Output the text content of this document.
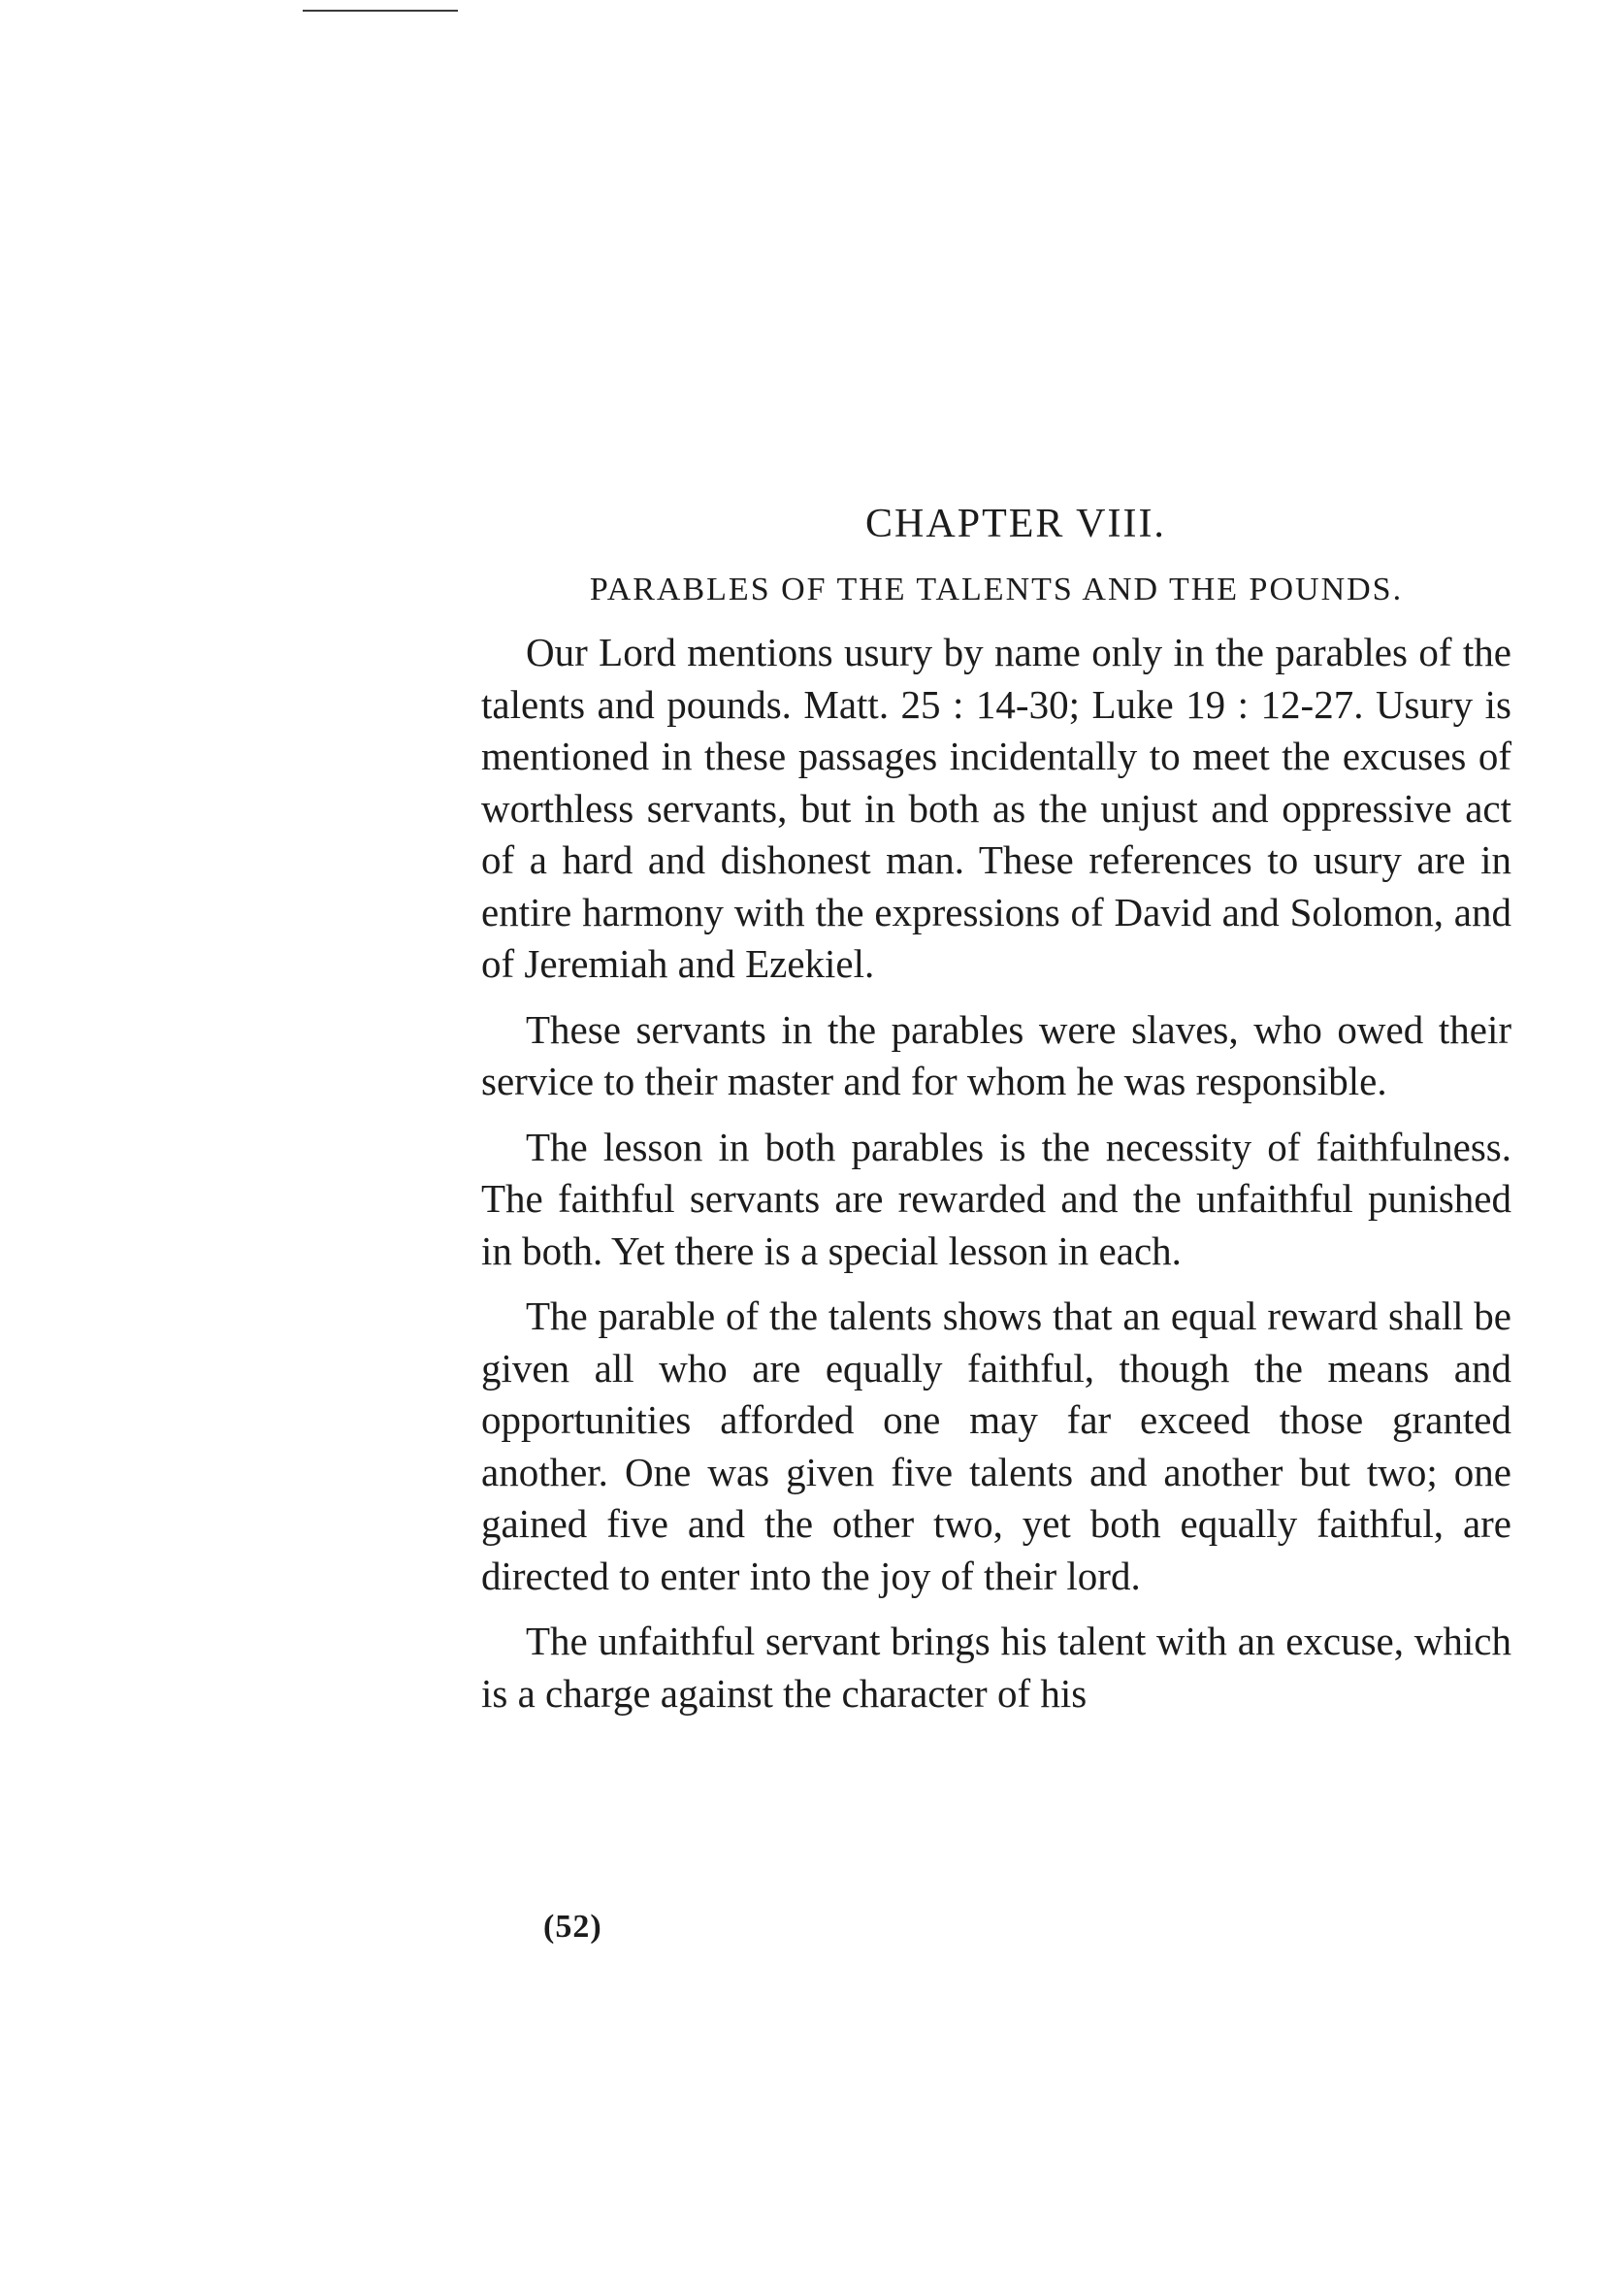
CHAPTER VIII.
PARABLES OF THE TALENTS AND THE POUNDS.

Our Lord mentions usury by name only in the parables of the talents and pounds. Matt. 25 : 14-30; Luke 19 : 12-27. Usury is mentioned in these passages incidentally to meet the excuses of worthless servants, but in both as the unjust and oppressive act of a hard and dishonest man. These references to usury are in entire harmony with the expressions of David and Solomon, and of Jeremiah and Ezekiel.

These servants in the parables were slaves, who owed their service to their master and for whom he was responsible.

The lesson in both parables is the necessity of faithfulness. The faithful servants are rewarded and the unfaithful punished in both. Yet there is a special lesson in each.

The parable of the talents shows that an equal reward shall be given all who are equally faithful, though the means and opportunities afforded one may far exceed those granted another. One was given five talents and another but two; one gained five and the other two, yet both equally faithful, are directed to enter into the joy of their lord.

The unfaithful servant brings his talent with an excuse, which is a charge against the character of his

(52)
